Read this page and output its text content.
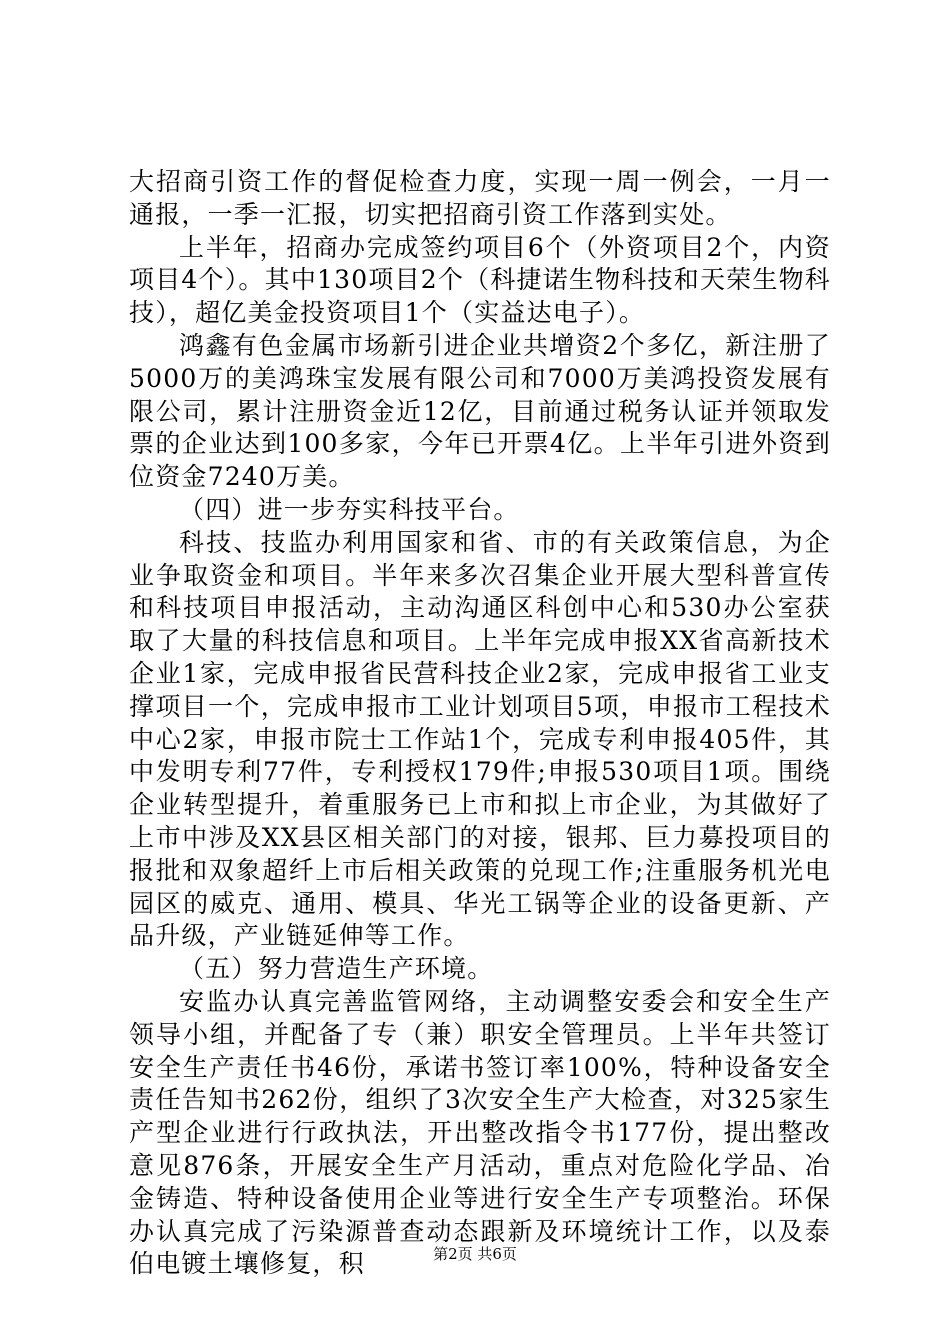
大招商引资工作的督促检查力度，实现一周一例会，一月一通报，一季一汇报，切实把招商引资工作落到实处。

上半年，招商办完成签约项目6个（外资项目2个，内资项目4个）。其中130项目2个（科捷诺生物科技和天荣生物科技），超亿美金投资项目1个（实益达电子）。

鸿鑫有色金属市场新引进企业共增资2个多亿，新注册了5000万的美鸿珠宝发展有限公司和7000万美鸿投资发展有限公司，累计注册资金近12亿，目前通过税务认证并领取发票的企业达到100多家，今年已开票4亿。上半年引进外资到位资金7240万美。

（四）进一步夯实科技平台。

科技、技监办利用国家和省、市的有关政策信息，为企业争取资金和项目。半年来多次召集企业开展大型科普宣传和科技项目申报活动，主动沟通区科创中心和530办公室获取了大量的科技信息和项目。上半年完成申报XX省高新技术企业1家，完成申报省民营科技企业2家，完成申报省工业支撑项目一个，完成申报市工业计划项目5项，申报市工程技术中心2家，申报市院士工作站1个，完成专利申报405件，其中发明专利77件，专利授权179件;申报530项目1项。围绕企业转型提升，着重服务已上市和拟上市企业，为其做好了上市中涉及XX县区相关部门的对接，银邦、巨力募投项目的报批和双象超纤上市后相关政策的兑现工作;注重服务机光电园区的威克、通用、模具、华光工锅等企业的设备更新、产品升级，产业链延伸等工作。

（五）努力营造生产环境。

安监办认真完善监管网络，主动调整安委会和安全生产领导小组，并配备了专（兼）职安全管理员。上半年共签订安全生产责任书46份，承诺书签订率100%，特种设备安全责任告知书262份，组织了3次安全生产大检查，对325家生产型企业进行行政执法，开出整改指令书177份，提出整改意见876条，开展安全生产月活动，重点对危险化学品、冶金铸造、特种设备使用企业等进行安全生产专项整治。环保办认真完成了污染源普查动态跟新及环境统计工作，以及泰伯电镀土壤修复，积	第2页 共6页
